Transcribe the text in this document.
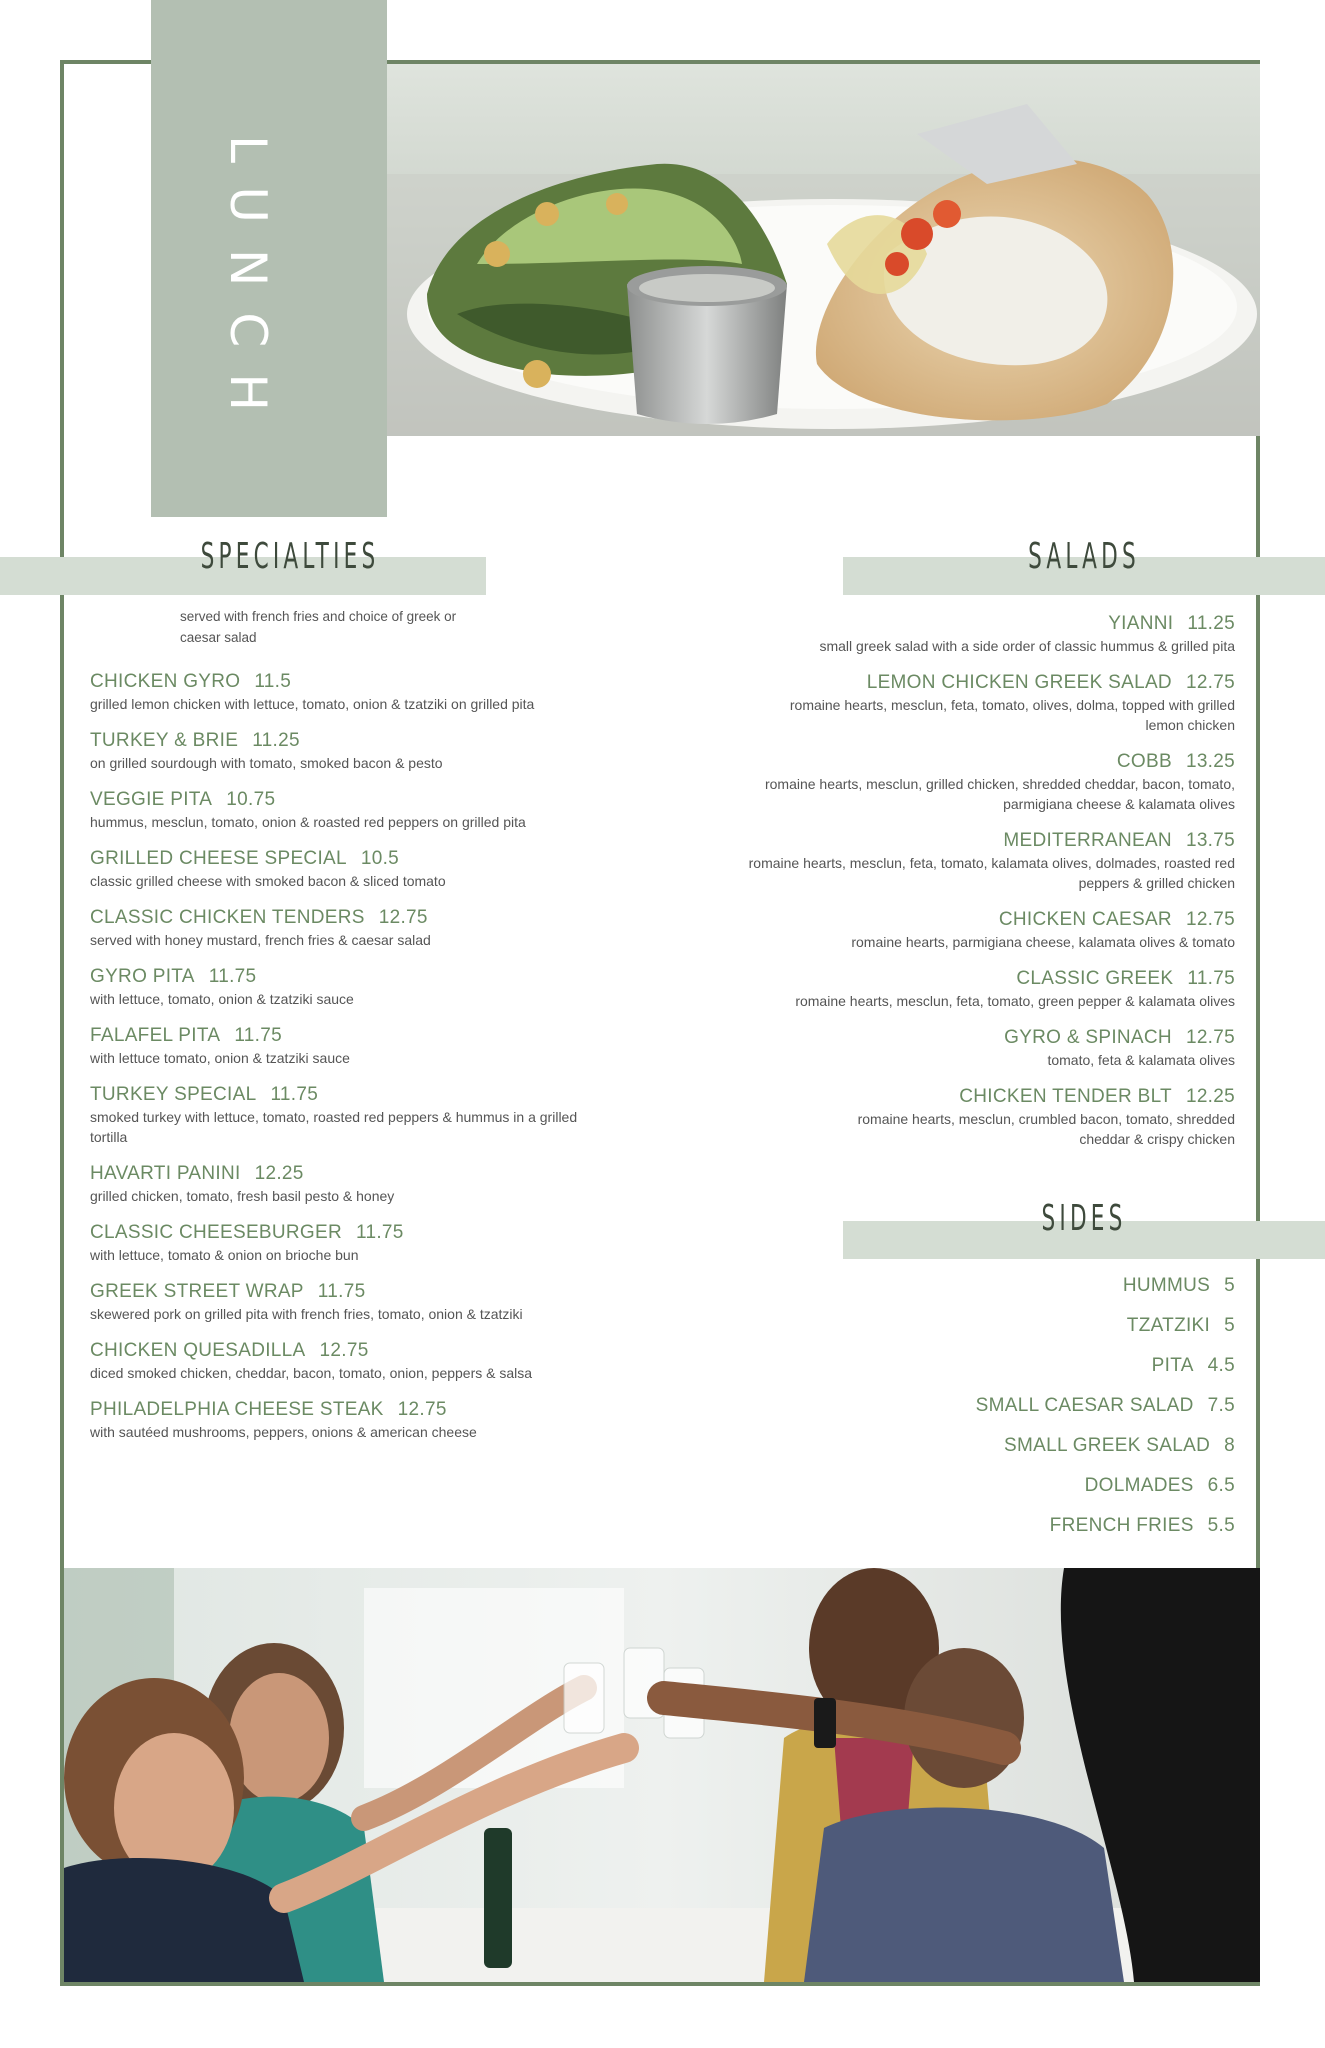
LUNCH
SPECIALTIES	SALADS
SIDES
served with french fries and choice of greek or caesar salad
CHICKEN GYRO 11.5
grilled lemon chicken with lettuce, tomato, onion & tzatziki on grilled pita
TURKEY & BRIE 11.25
on grilled sourdough with tomato, smoked bacon & pesto
VEGGIE PITA 10.75
hummus, mesclun, tomato, onion & roasted red peppers on grilled pita
GRILLED CHEESE SPECIAL 10.5
classic grilled cheese with smoked bacon & sliced tomato
CLASSIC CHICKEN TENDERS 12.75
served with honey mustard, french fries & caesar salad
GYRO PITA 11.75
with lettuce, tomato, onion & tzatziki sauce
FALAFEL PITA 11.75
with lettuce tomato, onion & tzatziki sauce
TURKEY SPECIAL 11.75
smoked turkey with lettuce, tomato, roasted red peppers & hummus in a grilled tortilla
HAVARTI PANINI 12.25
grilled chicken, tomato, fresh basil pesto & honey
CLASSIC CHEESEBURGER 11.75
with lettuce, tomato & onion on brioche bun
GREEK STREET WRAP 11.75
skewered pork on grilled pita with french fries, tomato, onion & tzatziki
CHICKEN QUESADILLA 12.75
diced smoked chicken, cheddar, bacon, tomato, onion, peppers & salsa
PHILADELPHIA CHEESE STEAK 12.75
with sautéed mushrooms, peppers, onions & american cheese
YIANNI 11.25
small greek salad with a side order of classic hummus & grilled pita
LEMON CHICKEN GREEK SALAD 12.75
romaine hearts, mesclun, feta, tomato, olives, dolma, topped with grilled lemon chicken
COBB 13.25
romaine hearts, mesclun, grilled chicken, shredded cheddar, bacon, tomato, parmigiana cheese & kalamata olives
MEDITERRANEAN 13.75
romaine hearts, mesclun, feta, tomato, kalamata olives, dolmades, roasted red peppers & grilled chicken
CHICKEN CAESAR 12.75
romaine hearts, parmigiana cheese, kalamata olives & tomato
CLASSIC GREEK 11.75
romaine hearts, mesclun, feta, tomato, green pepper & kalamata olives
GYRO & SPINACH 12.75
tomato, feta & kalamata olives
CHICKEN TENDER BLT 12.25
romaine hearts, mesclun, crumbled bacon, tomato, shredded cheddar & crispy chicken
HUMMUS 5
TZATZIKI 5
PITA 4.5
SMALL CAESAR SALAD 7.5
SMALL GREEK SALAD 8
DOLMADES 6.5
FRENCH FRIES 5.5
